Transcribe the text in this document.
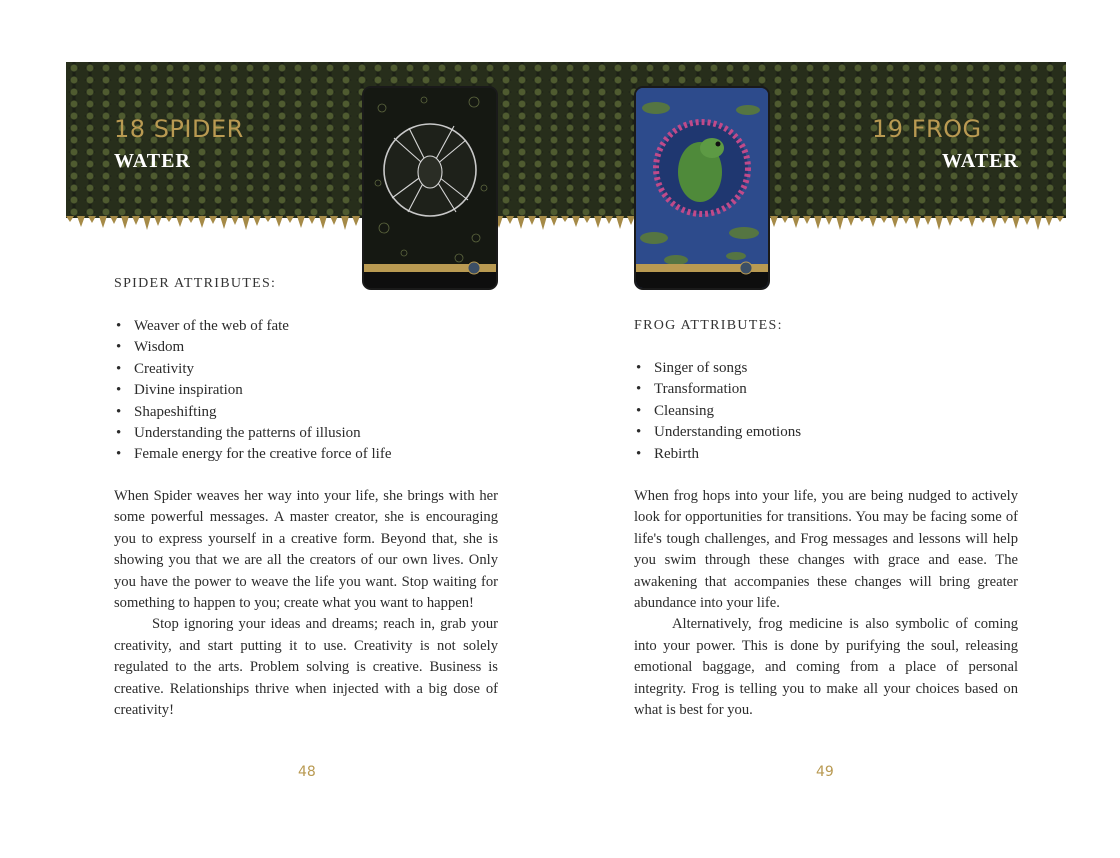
18 SPIDER
WATER
19 FROG
WATER
SPIDER ATTRIBUTES:
• Weaver of the web of fate
• Wisdom
• Creativity
• Divine inspiration
• Shapeshifting
• Understanding the patterns of illusion
• Female energy for the creative force of life

When Spider weaves her way into your life, she brings with her some powerful messages. A master creator, she is encouraging you to express yourself in a creative form. Beyond that, she is showing you that we are all the creators of our own lives. Only you have the power to weave the life you want. Stop waiting for something to happen to you; create what you want to happen!

Stop ignoring your ideas and dreams; reach in, grab your creativity, and start putting it to use. Creativity is not solely regulated to the arts. Problem solving is creative. Business is creative. Relationships thrive when injected with a big dose of creativity!

48
FROG ATTRIBUTES:
• Singer of songs
• Transformation
• Cleansing
• Understanding emotions
• Rebirth

When frog hops into your life, you are being nudged to actively look for opportunities for transitions. You may be facing some of life's tough challenges, and Frog messages and lessons will help you swim through these changes with grace and ease. The awakening that accompanies these changes will bring greater abundance into your life.

Alternatively, frog medicine is also symbolic of coming into your power. This is done by purifying the soul, releasing emotional baggage, and coming from a place of personal integrity. Frog is telling you to make all your choices based on what is best for you.

49
